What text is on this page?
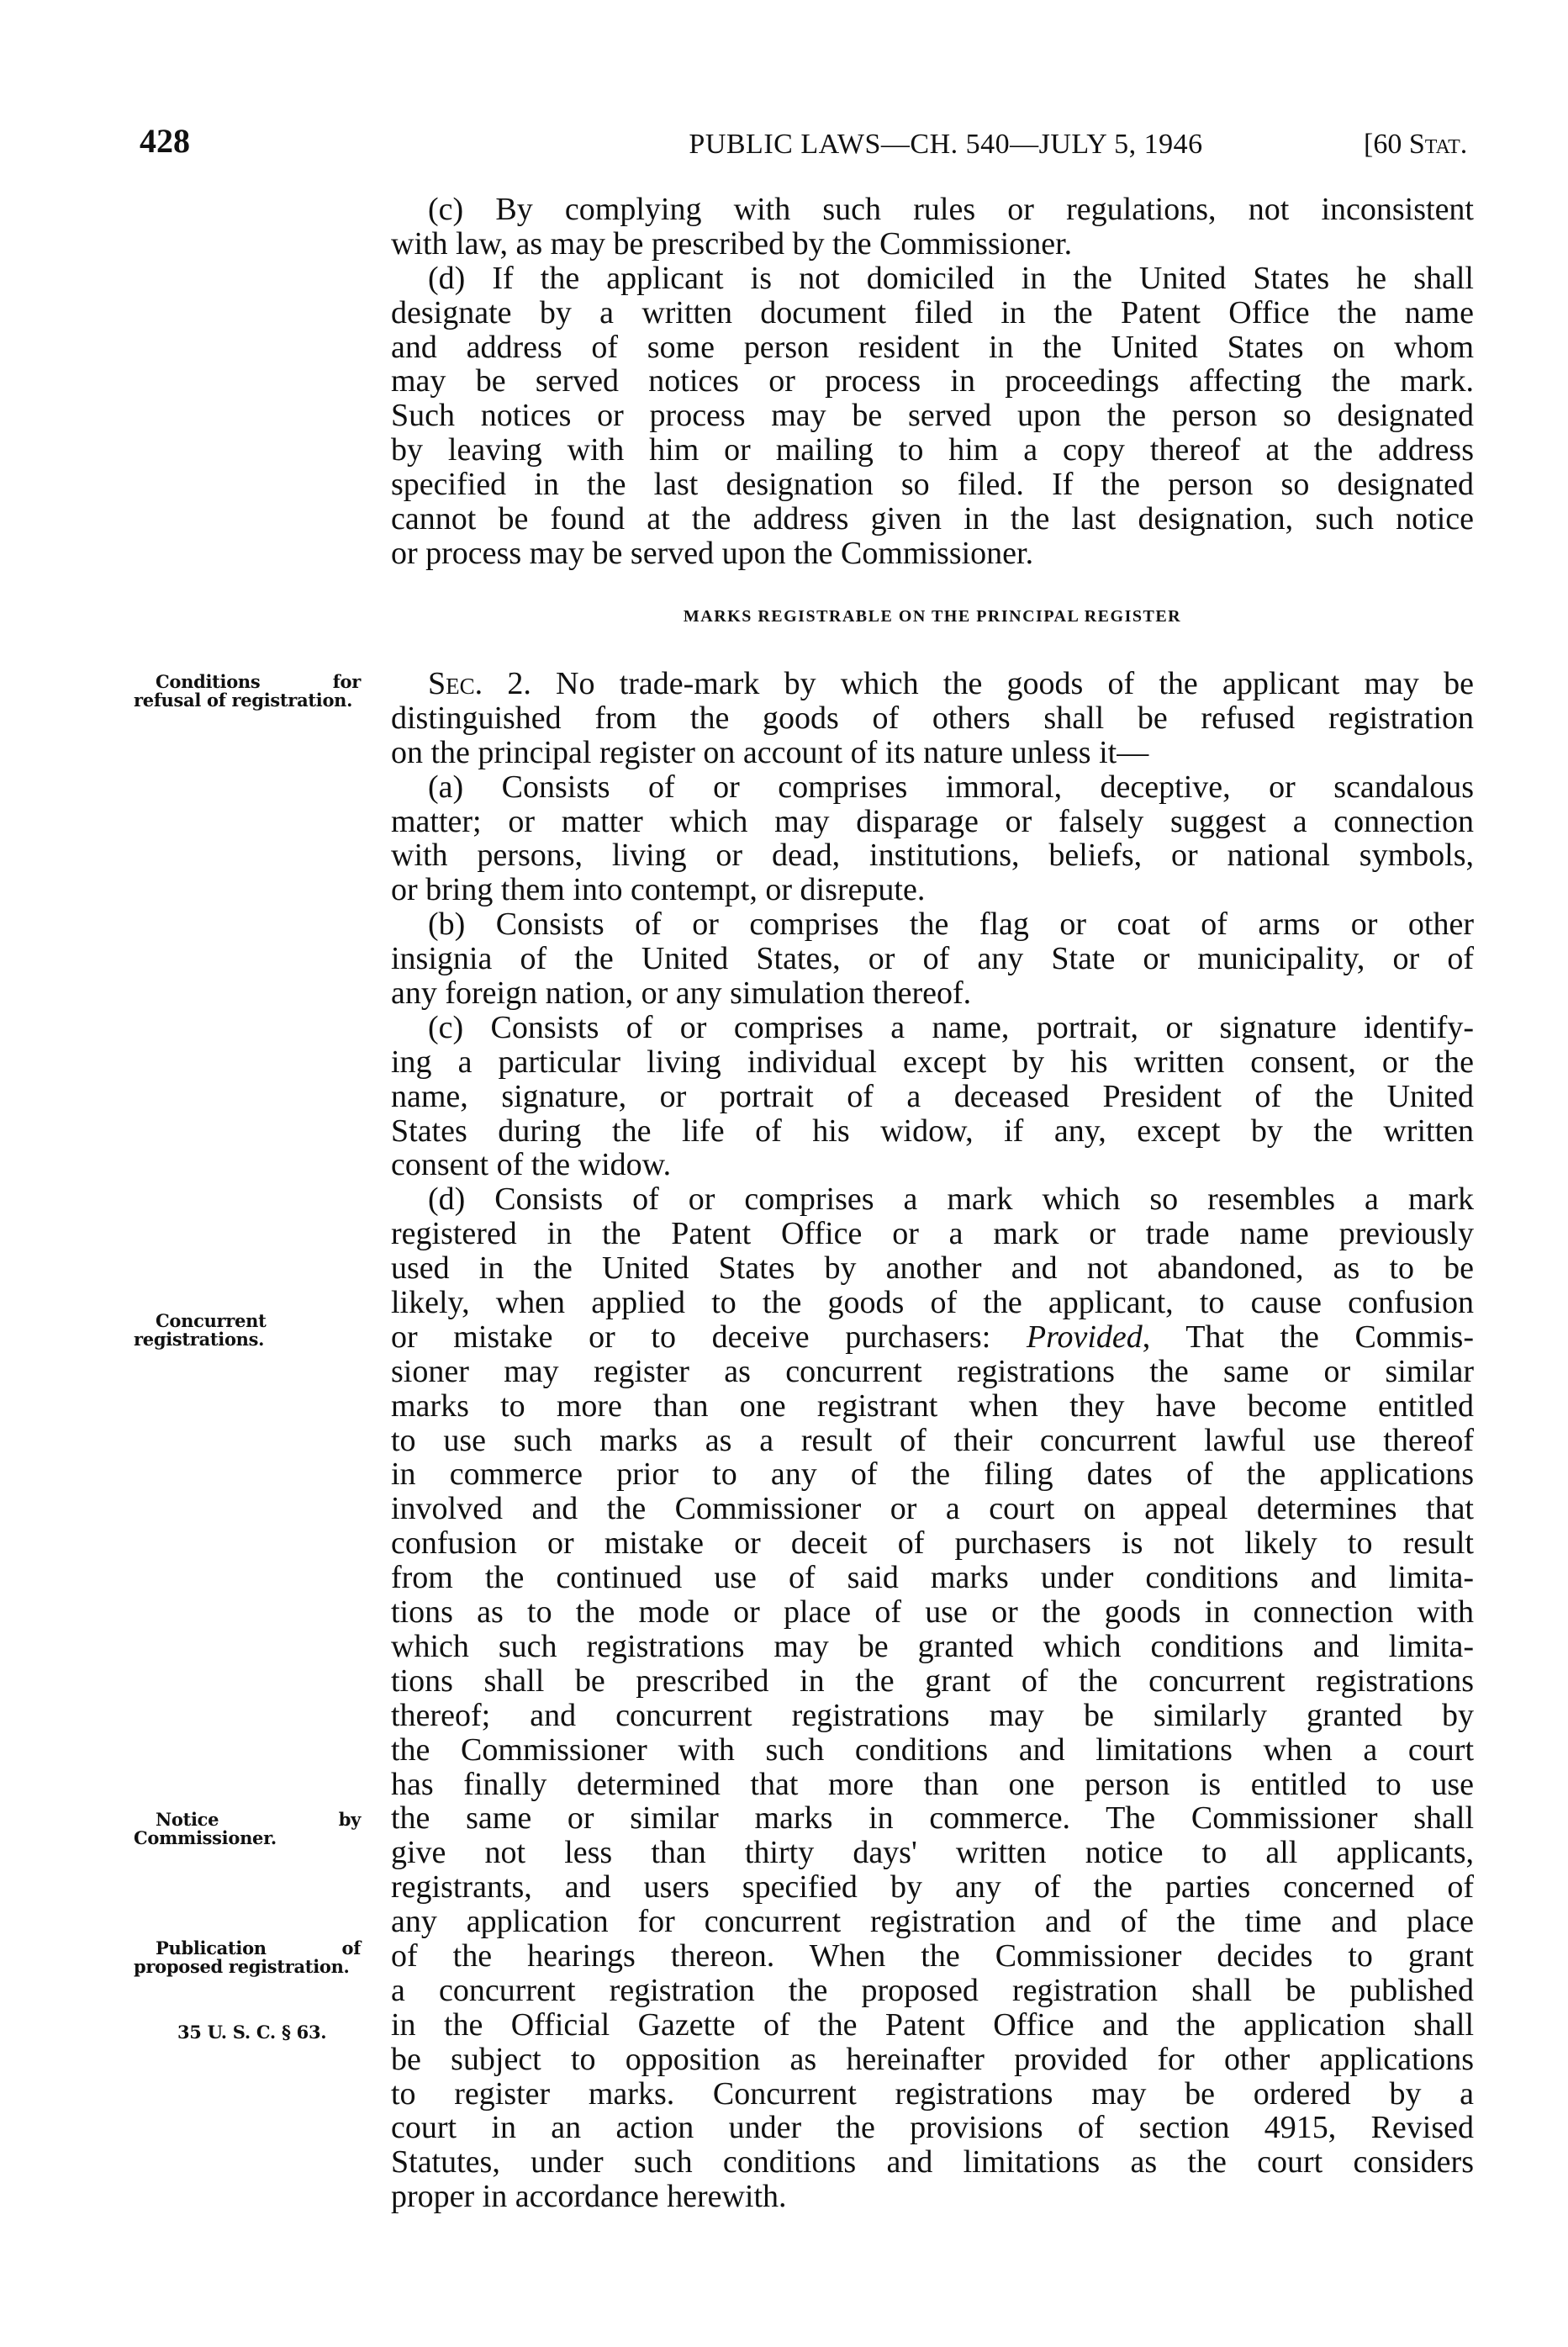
428	PUBLIC LAWS—CH. 540—JULY 5, 1946	[60 Stat.
(c) By complying with such rules or regulations, not inconsistent
with law, as may be prescribed by the Commissioner.
(d) If the applicant is not domiciled in the United States he shall
designate by a written document filed in the Patent Office the name
and address of some person resident in the United States on whom
may be served notices or process in proceedings affecting the mark.
Such notices or process may be served upon the person so designated
by leaving with him or mailing to him a copy thereof at the address
specified in the last designation so filed. If the person so designated
cannot be found at the address given in the last designation, such notice
or process may be served upon the Commissioner.
MARKS REGISTRABLE ON THE PRINCIPAL REGISTER
Sec. 2. No trade-mark by which the goods of the applicant may be
distinguished from the goods of others shall be refused registration
on the principal register on account of its nature unless it—
(a) Consists of or comprises immoral, deceptive, or scandalous
matter; or matter which may disparage or falsely suggest a connection
with persons, living or dead, institutions, beliefs, or national symbols,
or bring them into contempt, or disrepute.
(b) Consists of or comprises the flag or coat of arms or other
insignia of the United States, or of any State or municipality, or of
any foreign nation, or any simulation thereof.
(c) Consists of or comprises a name, portrait, or signature identify-
ing a particular living individual except by his written consent, or the
name, signature, or portrait of a deceased President of the United
States during the life of his widow, if any, except by the written
consent of the widow.
(d) Consists of or comprises a mark which so resembles a mark
registered in the Patent Office or a mark or trade name previously
used in the United States by another and not abandoned, as to be
likely, when applied to the goods of the applicant, to cause confusion
or mistake or to deceive purchasers: Provided, That the Commis-
sioner may register as concurrent registrations the same or similar
marks to more than one registrant when they have become entitled
to use such marks as a result of their concurrent lawful use thereof
in commerce prior to any of the filing dates of the applications
involved and the Commissioner or a court on appeal determines that
confusion or mistake or deceit of purchasers is not likely to result
from the continued use of said marks under conditions and limita-
tions as to the mode or place of use or the goods in connection with
which such registrations may be granted which conditions and limita-
tions shall be prescribed in the grant of the concurrent registrations
thereof; and concurrent registrations may be similarly granted by
the Commissioner with such conditions and limitations when a court
has finally determined that more than one person is entitled to use
the same or similar marks in commerce. The Commissioner shall
give not less than thirty days' written notice to all applicants,
registrants, and users specified by any of the parties concerned of
any application for concurrent registration and of the time and place
of the hearings thereon. When the Commissioner decides to grant
a concurrent registration the proposed registration shall be published
in the Official Gazette of the Patent Office and the application shall
be subject to opposition as hereinafter provided for other applications
to register marks. Concurrent registrations may be ordered by a
court in an action under the provisions of section 4915, Revised
Statutes, under such conditions and limitations as the court considers
proper in accordance herewith.
Conditions for refusal of registration.
Concurrent registrations.
Notice by Commissioner.
Publication of proposed registration.
35 U. S. C. § 63.
